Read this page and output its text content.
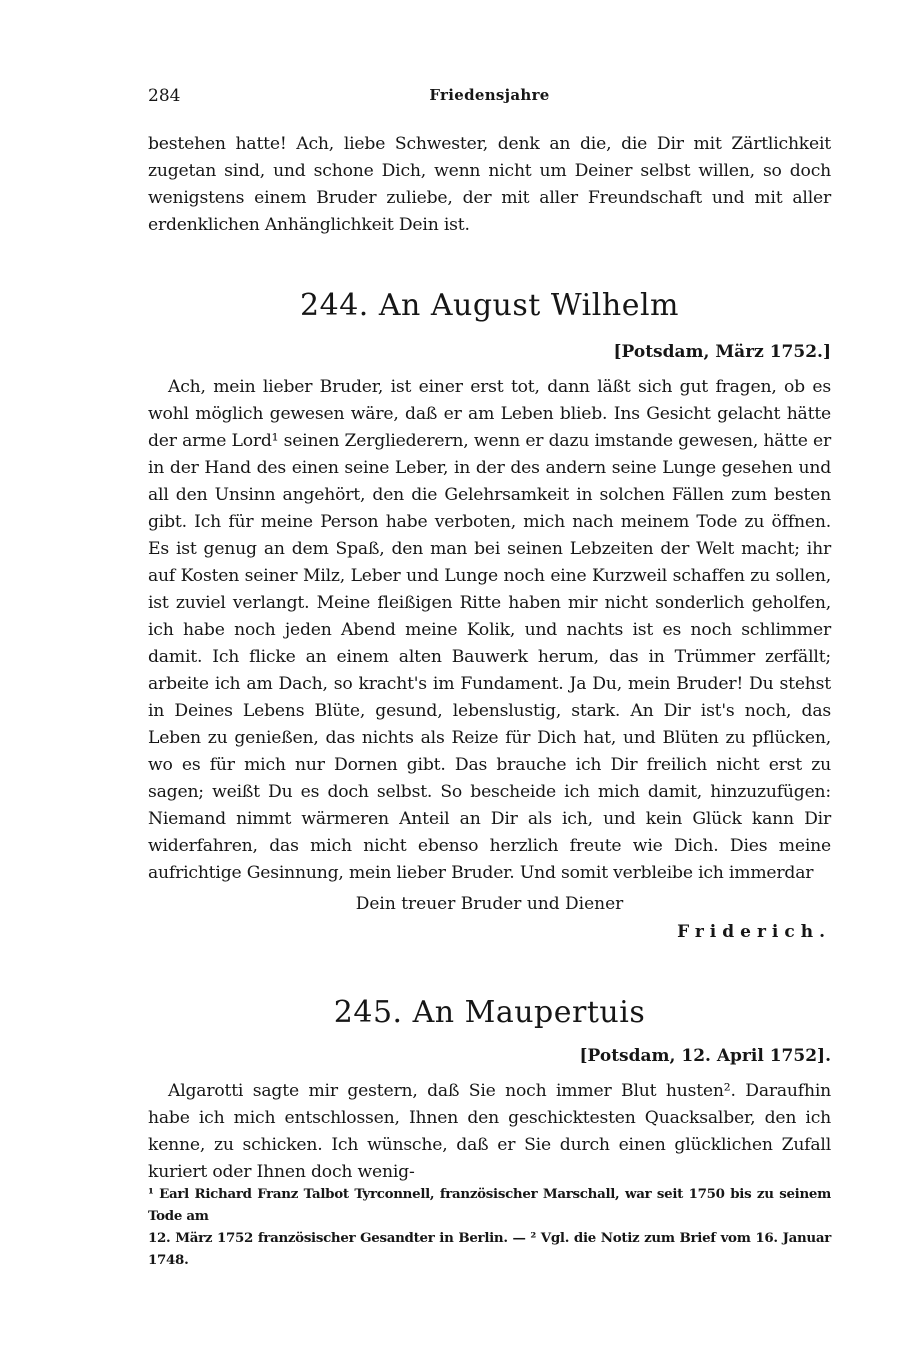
284	Friedensjahre

bestehen hatte! Ach, liebe Schwester, denk an die, die Dir mit Zärtlichkeit zugetan sind, und schone Dich, wenn nicht um Deiner selbst willen, so doch wenigstens einem Bruder zuliebe, der mit aller Freundschaft und mit aller erdenklichen Anhänglichkeit Dein ist.

244. An August Wilhelm
[Potsdam, März 1752.]

Ach, mein lieber Bruder, ist einer erst tot, dann läßt sich gut fragen, ob es wohl möglich gewesen wäre, daß er am Leben blieb. Ins Gesicht gelacht hätte der arme Lord¹ seinen Zergliederern, wenn er dazu imstande gewesen, hätte er in der Hand des einen seine Leber, in der des andern seine Lunge gesehen und all den Unsinn angehört, den die Gelehrsamkeit in solchen Fällen zum besten gibt. Ich für meine Person habe verboten, mich nach meinem Tode zu öffnen. Es ist genug an dem Spaß, den man bei seinen Lebzeiten der Welt macht; ihr auf Kosten seiner Milz, Leber und Lunge noch eine Kurzweil schaffen zu sollen, ist zuviel verlangt. Meine fleißigen Ritte haben mir nicht sonderlich geholfen, ich habe noch jeden Abend meine Kolik, und nachts ist es noch schlimmer damit. Ich flicke an einem alten Bauwerk herum, das in Trümmer zerfällt; arbeite ich am Dach, so kracht's im Fundament. Ja Du, mein Bruder! Du stehst in Deines Lebens Blüte, gesund, lebenslustig, stark. An Dir ist's noch, das Leben zu genießen, das nichts als Reize für Dich hat, und Blüten zu pflücken, wo es für mich nur Dornen gibt. Das brauche ich Dir freilich nicht erst zu sagen; weißt Du es doch selbst. So bescheide ich mich damit, hinzuzufügen: Niemand nimmt wärmeren Anteil an Dir als ich, und kein Glück kann Dir widerfahren, das mich nicht ebenso herzlich freute wie Dich. Dies meine aufrichtige Gesinnung, mein lieber Bruder. Und somit verbleibe ich immerdar

Dein treuer Bruder und Diener
Friderich.
245. An Maupertuis
[Potsdam, 12. April 1752].

Algarotti sagte mir gestern, daß Sie noch immer Blut husten². Daraufhin habe ich mich entschlossen, Ihnen den geschicktesten Quacksalber, den ich kenne, zu schicken. Ich wünsche, daß er Sie durch einen glücklichen Zufall kuriert oder Ihnen doch wenig-

¹ Earl Richard Franz Talbot Tyrconnell, französischer Marschall, war seit 1750 bis zu seinem Tode am

12. März 1752 französischer Gesandter in Berlin. — ² Vgl. die Notiz zum Brief vom 16. Januar 1748.
